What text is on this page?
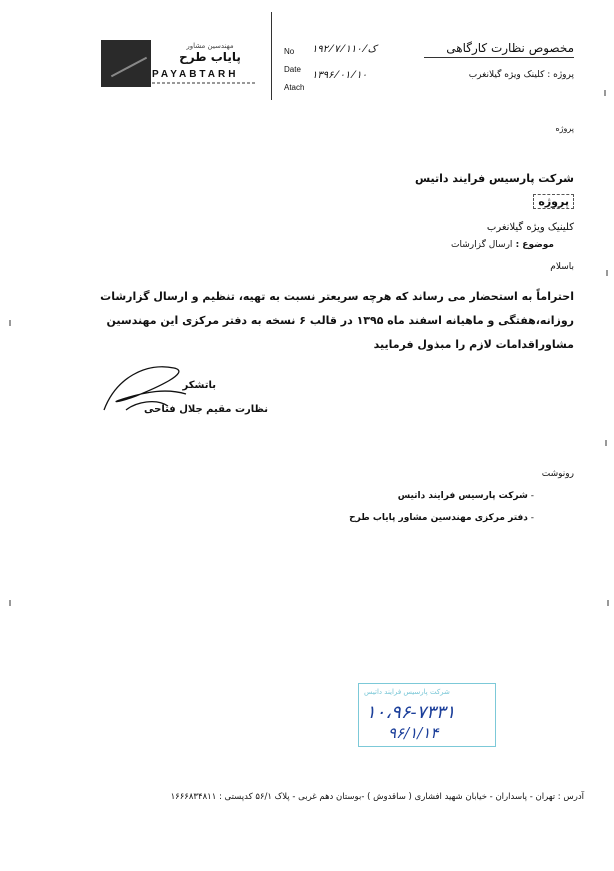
مهندسین مشاور
پایاب طرح
PAYABTARH
No ۱۹۲/۷/ک/۱۱۰
Date
۱۳۹۶/۰۱/۱۰
Atach
مخصوص نظارت کارگاهی
پروژه : کلینک ویژه گیلانغرب
پروژه
شرکت پارسیس فرایند داتیس
پروژه
کلینیک ویژه گیلانغرب
موضوع : ارسال گزارشات
باسلام
احتراماً به استحضار می رساند که هرچه سریعتر نسبت به تهیه، تنظیم و ارسال گزارشات
روزانه،هفتگی و ماهیانه اسفند ماه ۱۳۹۵ در قالب ۶ نسخه به دفتر مرکزی این مهندسین
مشاوراقدامات لازم را مبذول فرمایید
باتشکر
نظارت مقیم جلال فتاحی
رونوشت
- شرکت پارسیس فرایند داتیس
- دفتر مرکزی مهندسین مشاور پایاب طرح
شرکت پارسیس فرایند داتیس
۱۰،۹۶-۷۳۳۱
۹۶/۱/۱۴
آدرس : تهران - پاسداران - خیابان شهید افشاری ( ساقدوش ) -بوستان دهم غربی - پلاک ۵۶/۱ کدپستی : ۱۶۶۶۸۳۴۸۱۱
